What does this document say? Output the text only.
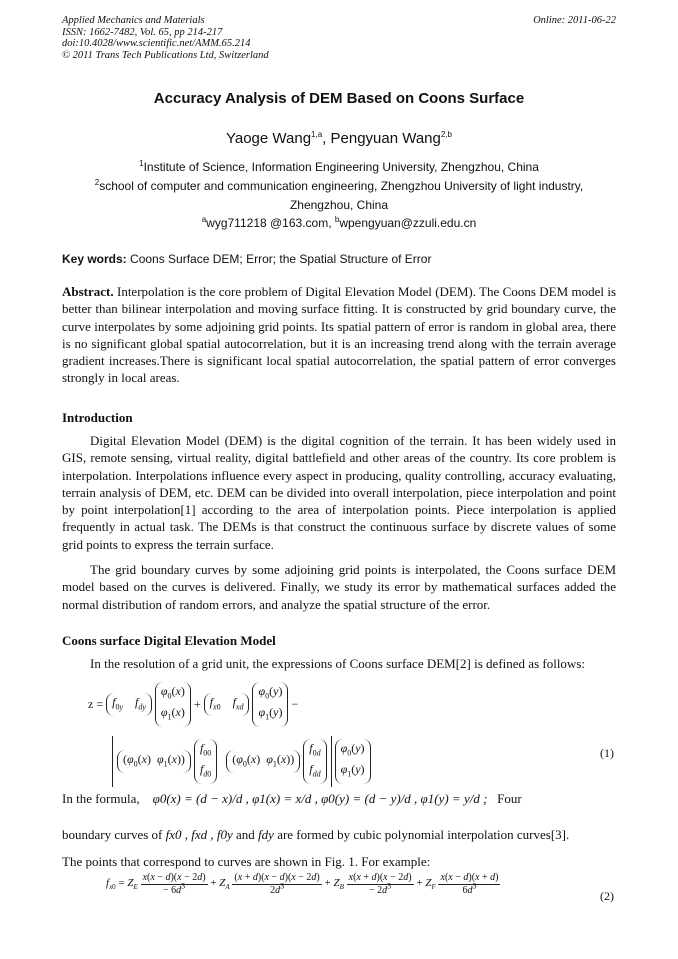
Applied Mechanics and Materials
ISSN: 1662-7482, Vol. 65, pp 214-217
doi:10.4028/www.scientific.net/AMM.65.214
© 2011 Trans Tech Publications Ltd, Switzerland
Online: 2011-06-22
Accuracy Analysis of DEM Based on Coons Surface
Yaoge Wang$^{1,a}$, Pengyuan Wang$^{2,b}$
$^1$Institute of Science, Information Engineering University, Zhengzhou, China
$^2$school of computer and communication engineering, Zhengzhou University of light industry,
Zhengzhou, China
$^a$wyg711218 @163.com, $^b$wpengyuan@zzuli.edu.cn
Key words: Coons Surface DEM; Error; the Spatial Structure of Error
Abstract. Interpolation is the core problem of Digital Elevation Model (DEM). The Coons DEM model is better than bilinear interpolation and moving surface fitting. It is constructed by grid boundary curve, the curve interpolates by some adjoining grid points. Its spatial pattern of error is random in global area, there is no significant global spatial autocorrelation, but it is an increasing trend along with the terrain average gradient increases.There is significant local spatial autocorrelation, the spatial pattern of error converges strongly in local areas.
Introduction
Digital Elevation Model (DEM) is the digital cognition of the terrain. It has been widely used in GIS, remote sensing, virtual reality, digital battlefield and other areas of the country. Its core problem is interpolation. Interpolations influence every aspect in producing, quality controlling, accuracy evaluating, terrain analysis of DEM, etc. DEM can be divided into overall interpolation, piece interpolation and point by point interpolation[1] according to the area of interpolation points. Piece interpolation is applied frequently in actual task. The DEMs is that construct the continuous surface by discrete values of some grid points to express the terrain surface.
The grid boundary curves by some adjoining grid points is interpolated, the Coons surface DEM model based on the curves is delivered. Finally, we study its error by mathematical surfaces added the normal distribution of random errors, and analyze the spatial structure of the error.
Coons surface Digital Elevation Model
In the resolution of a grid unit, the expressions of Coons surface DEM[2] is defined as follows:
$z = f_{0y}$ $f_{dy}$ $\varphi_0(x)$
$\varphi_1(x) + f_{x0}$ $f_{xd}$ $\varphi_0(y)$
$\varphi_1(y)$ −
($\varphi_0(x)$  $\varphi_1(x)$) $f_{00}$
$f_{d0}$   ($\varphi_0(x)$  $\varphi_1(x)$) $f_{0d}$
$f_{dd}$ $\varphi_0(y)$
$\varphi_1(y)$
(1)
In the formula, φ0(x) = (d − x)/d , φ1(x) = x/d , φ0(y) = (d − y)/d , φ1(y) = y/d ; Four
boundary curves of fx0 , fxd , f0y and fdy are formed by cubic polynomial interpolation curves[3].
The points that correspond to curves are shown in Fig. 1. For example:
$f_{x0} = Z_E \frac{x(x - d)(x - 2d)}{- 6d^3} + Z_A \frac{(x + d)(x - d)(x - 2d)}{2d^3} + Z_B \frac{x(x + d)(x - 2d)}{- 2d^3} + Z_F \frac{x(x - d)(x + d)}{6d^3}$	(2)
